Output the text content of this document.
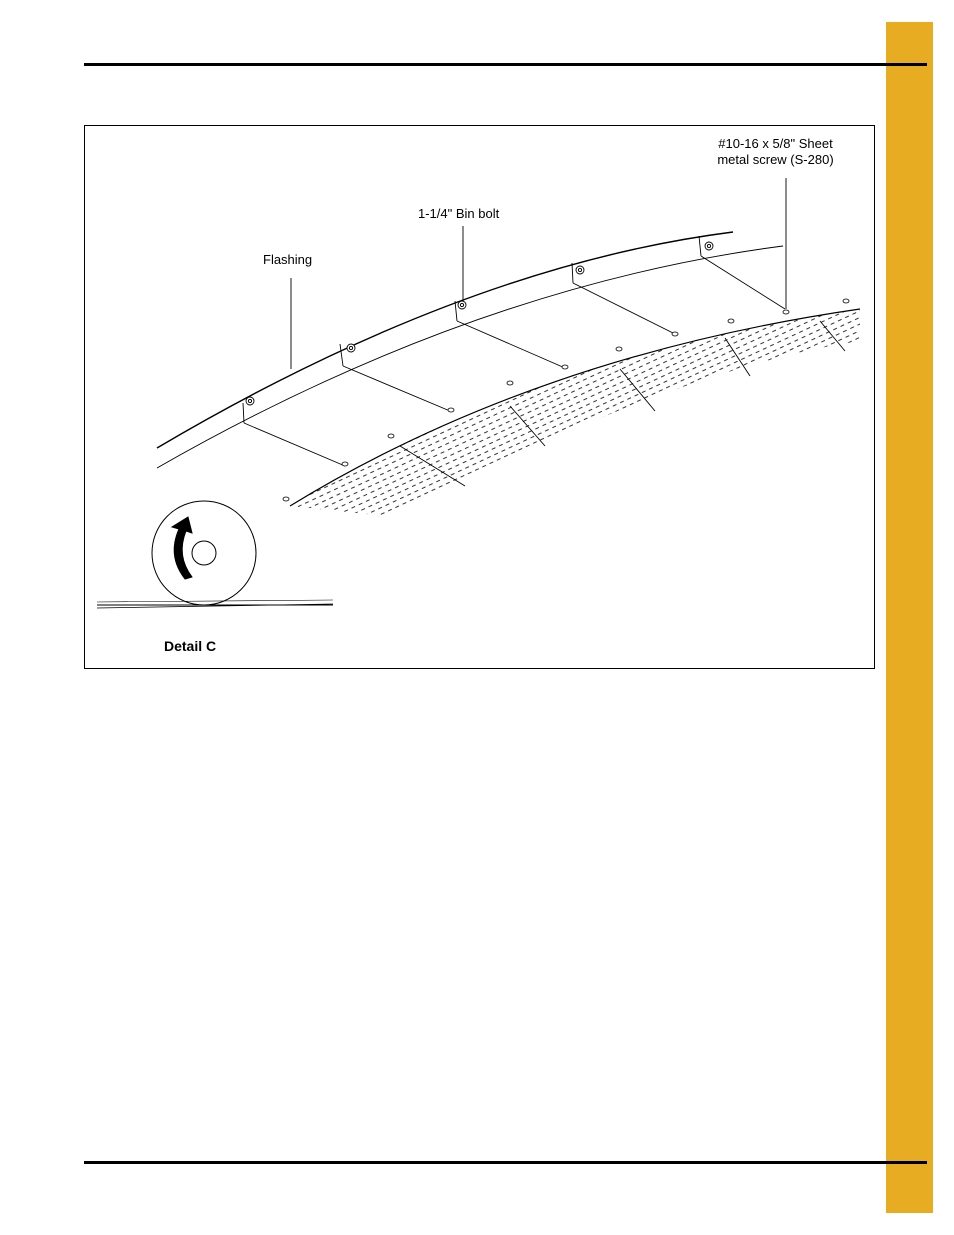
Flashing
1-1/4" Bin bolt
#10-16 x 5/8" Sheet metal screw (S-280)
Detail C
